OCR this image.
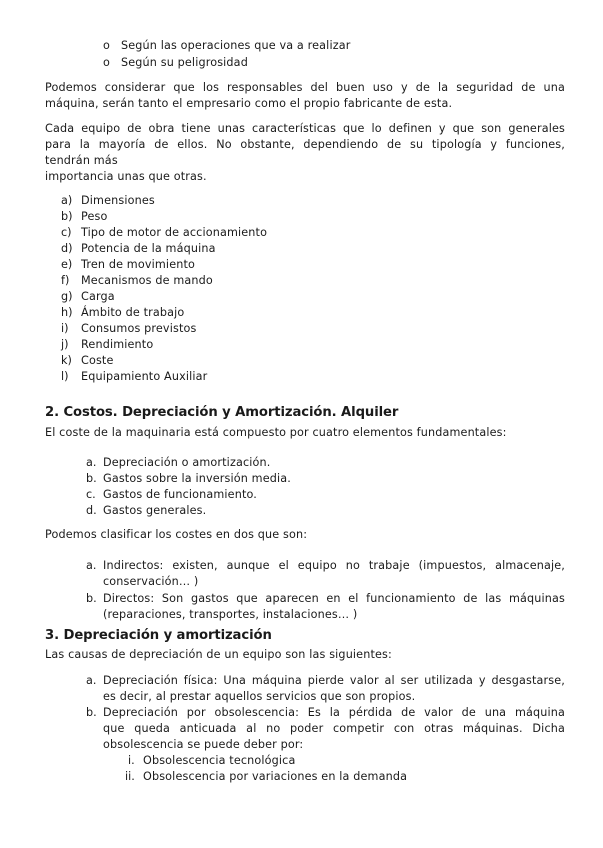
o Según las operaciones que va a realizar
o Según su peligrosidad
Podemos considerar que los responsables del buen uso y de la seguridad de una
máquina, serán tanto el empresario como el propio fabricante de esta.
Cada equipo de obra tiene unas características que lo definen y que son generales
para la mayoría de ellos. No obstante, dependiendo de su tipología y funciones,
tendrán más
importancia unas que otras.
a) Dimensiones
b) Peso
c) Tipo de motor de accionamiento
d) Potencia de la máquina
e) Tren de movimiento
f) Mecanismos de mando
g) Carga
h) Ámbito de trabajo
i) Consumos previstos
j) Rendimiento
k) Coste
l) Equipamiento Auxiliar
2. Costos. Depreciación y Amortización. Alquiler
El coste de la maquinaria está compuesto por cuatro elementos fundamentales:
a. Depreciación o amortización.
b. Gastos sobre la inversión media.
c. Gastos de funcionamiento.
d. Gastos generales.
Podemos clasificar los costes en dos que son:
a. Indirectos: existen, aunque el equipo no trabaje (impuestos, almacenaje,
conservación… )
b. Directos: Son gastos que aparecen en el funcionamiento de las máquinas
(reparaciones, transportes, instalaciones… )
3. Depreciación y amortización
Las causas de depreciación de un equipo son las siguientes:
a. Depreciación física: Una máquina pierde valor al ser utilizada y desgastarse,
es decir, al prestar aquellos servicios que son propios.
b. Depreciación por obsolescencia: Es la pérdida de valor de una máquina
que queda anticuada al no poder competir con otras máquinas. Dicha
obsolescencia se puede deber por:
i. Obsolescencia tecnológica
ii. Obsolescencia por variaciones en la demanda
